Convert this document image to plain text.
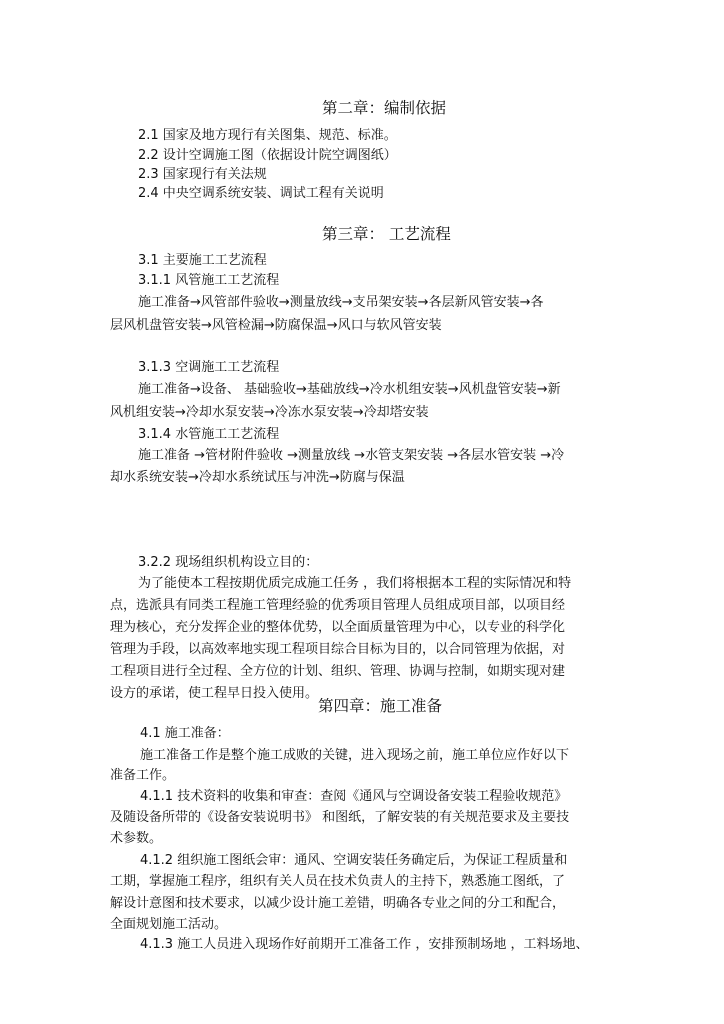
第二章：编制依据
2.1 国家及地方现行有关图集、规范、标准。
2.2 设计空调施工图（依据设计院空调图纸）
2.3 国家现行有关法规
2.4 中央空调系统安装、调试工程有关说明
第三章： 工艺流程
3.1 主要施工工艺流程
3.1.1 风管施工工艺流程
施工准备→风管部件验收→测量放线→支吊架安装→各层新风管安装→各
层风机盘管安装→风管检漏→防腐保温→风口与软风管安装
3.1.3 空调施工工艺流程
施工准备→设备、 基础验收→基础放线→冷水机组安装→风机盘管安装→新
风机组安装→冷却水泵安装→冷冻水泵安装→冷却塔安装
3.1.4 水管施工工艺流程
施工准备 →管材附件验收 →测量放线 →水管支架安装 →各层水管安装 →冷
却水系统安装→冷却水系统试压与冲洗→防腐与保温
3.2.2 现场组织机构设立目的：
为了能使本工程按期优质完成施工任务 ，我们将根据本工程的实际情况和特
点，选派具有同类工程施工管理经验的优秀项目管理人员组成项目部，以项目经
理为核心，充分发挥企业的整体优势，以全面质量管理为中心，以专业的科学化
管理为手段，以高效率地实现工程项目综合目标为目的，以合同管理为依据，对
工程项目进行全过程、全方位的计划、组织、管理、协调与控制，如期实现对建
设方的承诺，使工程早日投入使用。
第四章：施工准备
4.1 施工准备：
施工准备工作是整个施工成败的关键，进入现场之前，施工单位应作好以下
准备工作。
4.1.1 技术资料的收集和审查：查阅《通风与空调设备安装工程验收规范》
及随设备所带的《设备安装说明书》 和图纸，了解安装的有关规范要求及主要技
术参数。
4.1.2 组织施工图纸会审：通风、空调安装任务确定后，为保证工程质量和
工期，掌握施工程序，组织有关人员在技术负责人的主持下，熟悉施工图纸，了
解设计意图和技术要求，以减少设计施工差错，明确各专业之间的分工和配合，
全面规划施工活动。
4.1.3 施工人员进入现场作好前期开工准备工作 ，安排预制场地 ，工料场地、
